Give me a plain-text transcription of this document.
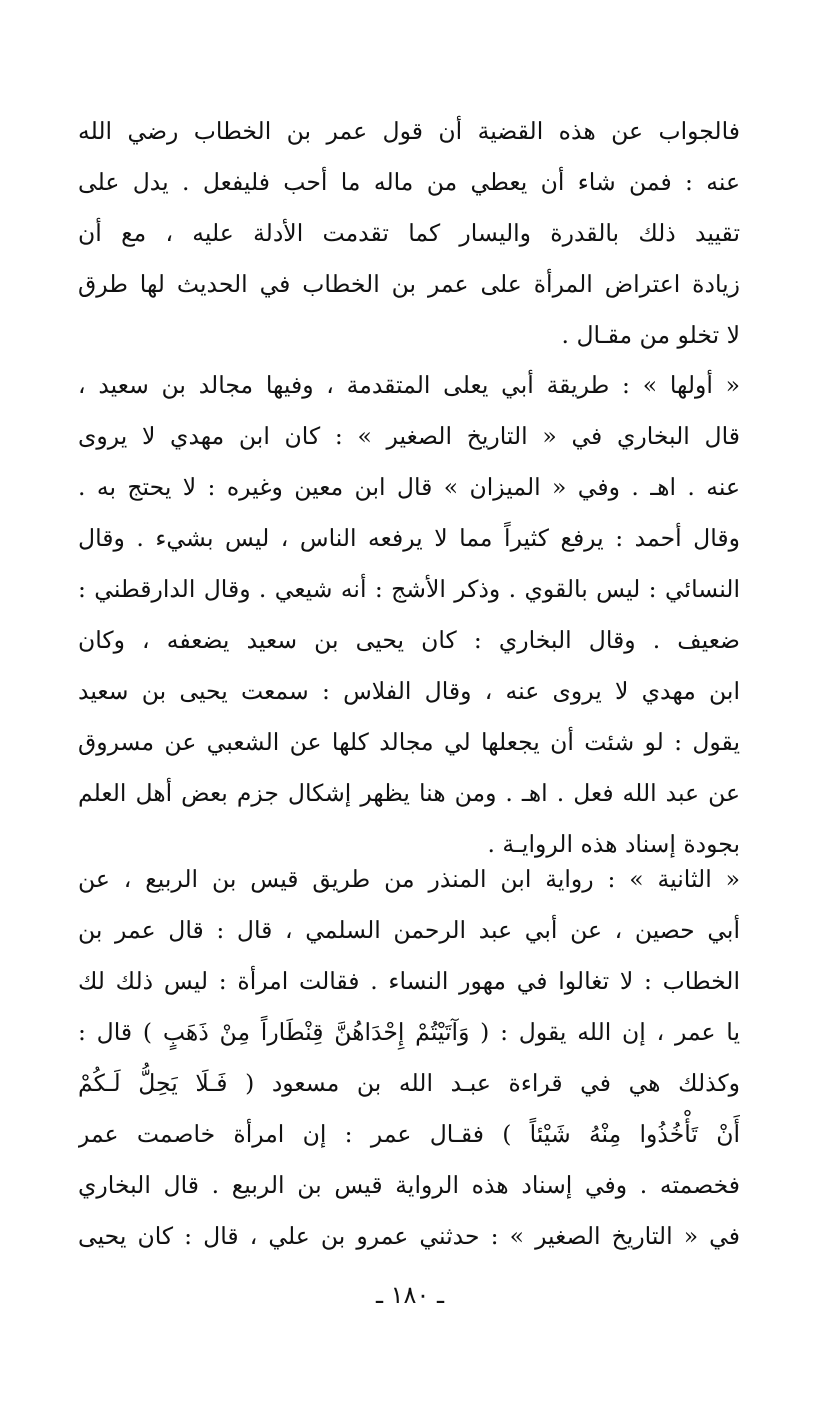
فالجواب عن هذه القضية أن قول عمر بن الخطاب رضي الله
عنه : فمن شاء أن يعطي من ماله ما أحب فليفعل . يدل على
تقييد ذلك بالقدرة واليسار كما تقدمت الأدلة عليه ، مع أن
زيادة اعتراض المرأة على عمر بن الخطاب في الحديث لها طرق
لا تخلو من مقـال .
« أولها » : طريقة أبي يعلى المتقدمة ، وفيها مجالد بن سعيد ،
قال البخاري في « التاريخ الصغير » : كان ابن مهدي لا يروى
عنه . اهـ . وفي « الميزان » قال ابن معين وغيره : لا يحتج به .
وقال أحمد : يرفع كثيراً مما لا يرفعه الناس ، ليس بشيء . وقال
النسائي : ليس بالقوي . وذكر الأشج : أنه شيعي . وقال الدارقطني :
ضعيف . وقال البخاري : كان يحيى بن سعيد يضعفه ، وكان
ابن مهدي لا يروى عنه ، وقال الفلاس : سمعت يحيى بن سعيد
يقول : لو شئت أن يجعلها لي مجالد كلها عن الشعبي عن مسروق
عن عبد الله فعل . اهـ . ومن هنا يظهر إشكال جزم بعض أهل العلم
بجودة إسناد هذه الروايـة .
« الثانية » : رواية ابن المنذر من طريق قيس بن الربيع ، عن
أبي حصين ، عن أبي عبد الرحمن السلمي ، قال : قال عمر بن
الخطاب : لا تغالوا في مهور النساء . فقالت امرأة : ليس ذلك لك
يا عمر ، إن الله يقول : ( وَآتَيْتُمْ إِحْدَاهُنَّ قِنْطَاراً مِنْ ذَهَبٍ ) قال :
وكذلك هي في قراءة عبـد الله بن مسعود ( فَـلَا يَحِلُّ لَـكُمْ
أَنْ تَأْخُذُوا مِنْهُ شَيْئاً ) فقـال عمر : إن امرأة خاصمت عمر
فخصمته . وفي إسناد هذه الرواية قيس بن الربيع . قال البخاري
في « التاريخ الصغير » : حدثني عمرو بن علي ، قال : كان يحيى
ـ ١٨٠ ـ
